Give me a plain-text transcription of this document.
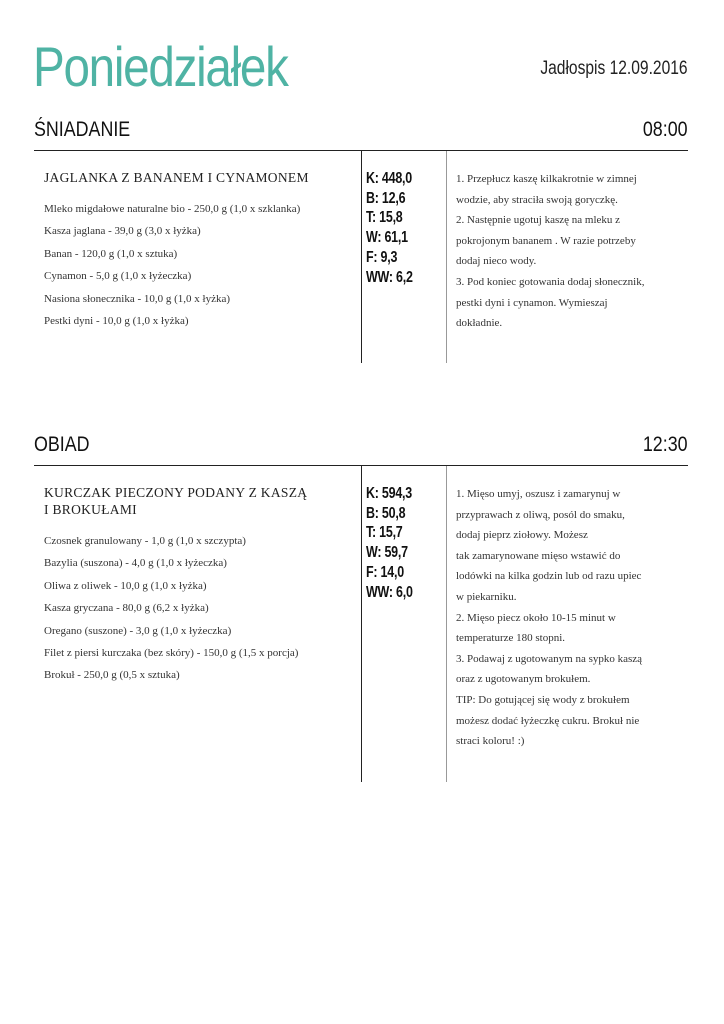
Poniedziałek	Jadłospis 12.09.2016
ŚNIADANIE	08:00
JAGLANKA Z BANANEM I CYNAMONEM
Mleko migdałowe naturalne bio - 250,0 g (1,0 x szklanka)
Kasza jaglana - 39,0 g (3,0 x łyżka)
Banan - 120,0 g (1,0 x sztuka)
Cynamon - 5,0 g (1,0 x łyżeczka)
Nasiona słonecznika - 10,0 g (1,0 x łyżka)
Pestki dyni - 10,0 g (1,0 x łyżka)
K: 448,0
B: 12,6
T: 15,8
W: 61,1
F: 9,3
WW: 6,2
1. Przepłucz kaszę kilkakrotnie w zimnej
wodzie, aby straciła swoją goryczkę.
2. Następnie ugotuj kaszę na mleku z
pokrojonym bananem . W razie potrzeby
dodaj nieco wody.
3. Pod koniec gotowania dodaj słonecznik,
pestki dyni i cynamon. Wymieszaj
dokładnie.
OBIAD	12:30
KURCZAK PIECZONY PODANY Z KASZĄ I BROKUŁAMI
Czosnek granulowany - 1,0 g (1,0 x szczypta)
Bazylia (suszona) - 4,0 g (1,0 x łyżeczka)
Oliwa z oliwek - 10,0 g (1,0 x łyżka)
Kasza gryczana - 80,0 g (6,2 x łyżka)
Oregano (suszone) - 3,0 g (1,0 x łyżeczka)
Filet z piersi kurczaka (bez skóry) - 150,0 g (1,5 x porcja)
Brokuł - 250,0 g (0,5 x sztuka)
K: 594,3
B: 50,8
T: 15,7
W: 59,7
F: 14,0
WW: 6,0
1. Mięso umyj, oszusz i zamarynuj w
przyprawach z oliwą, posól do smaku,
dodaj pieprz ziołowy. Możesz
tak zamarynowane mięso wstawić do
lodówki na kilka godzin lub od razu upiec
w piekarniku.
2. Mięso piecz około 10-15 minut w
temperaturze 180 stopni.
3. Podawaj z ugotowanym na sypko kaszą
oraz z ugotowanym brokułem.
TIP: Do gotującej się wody z brokułem
możesz dodać łyżeczkę cukru. Brokuł nie
straci koloru! :)
